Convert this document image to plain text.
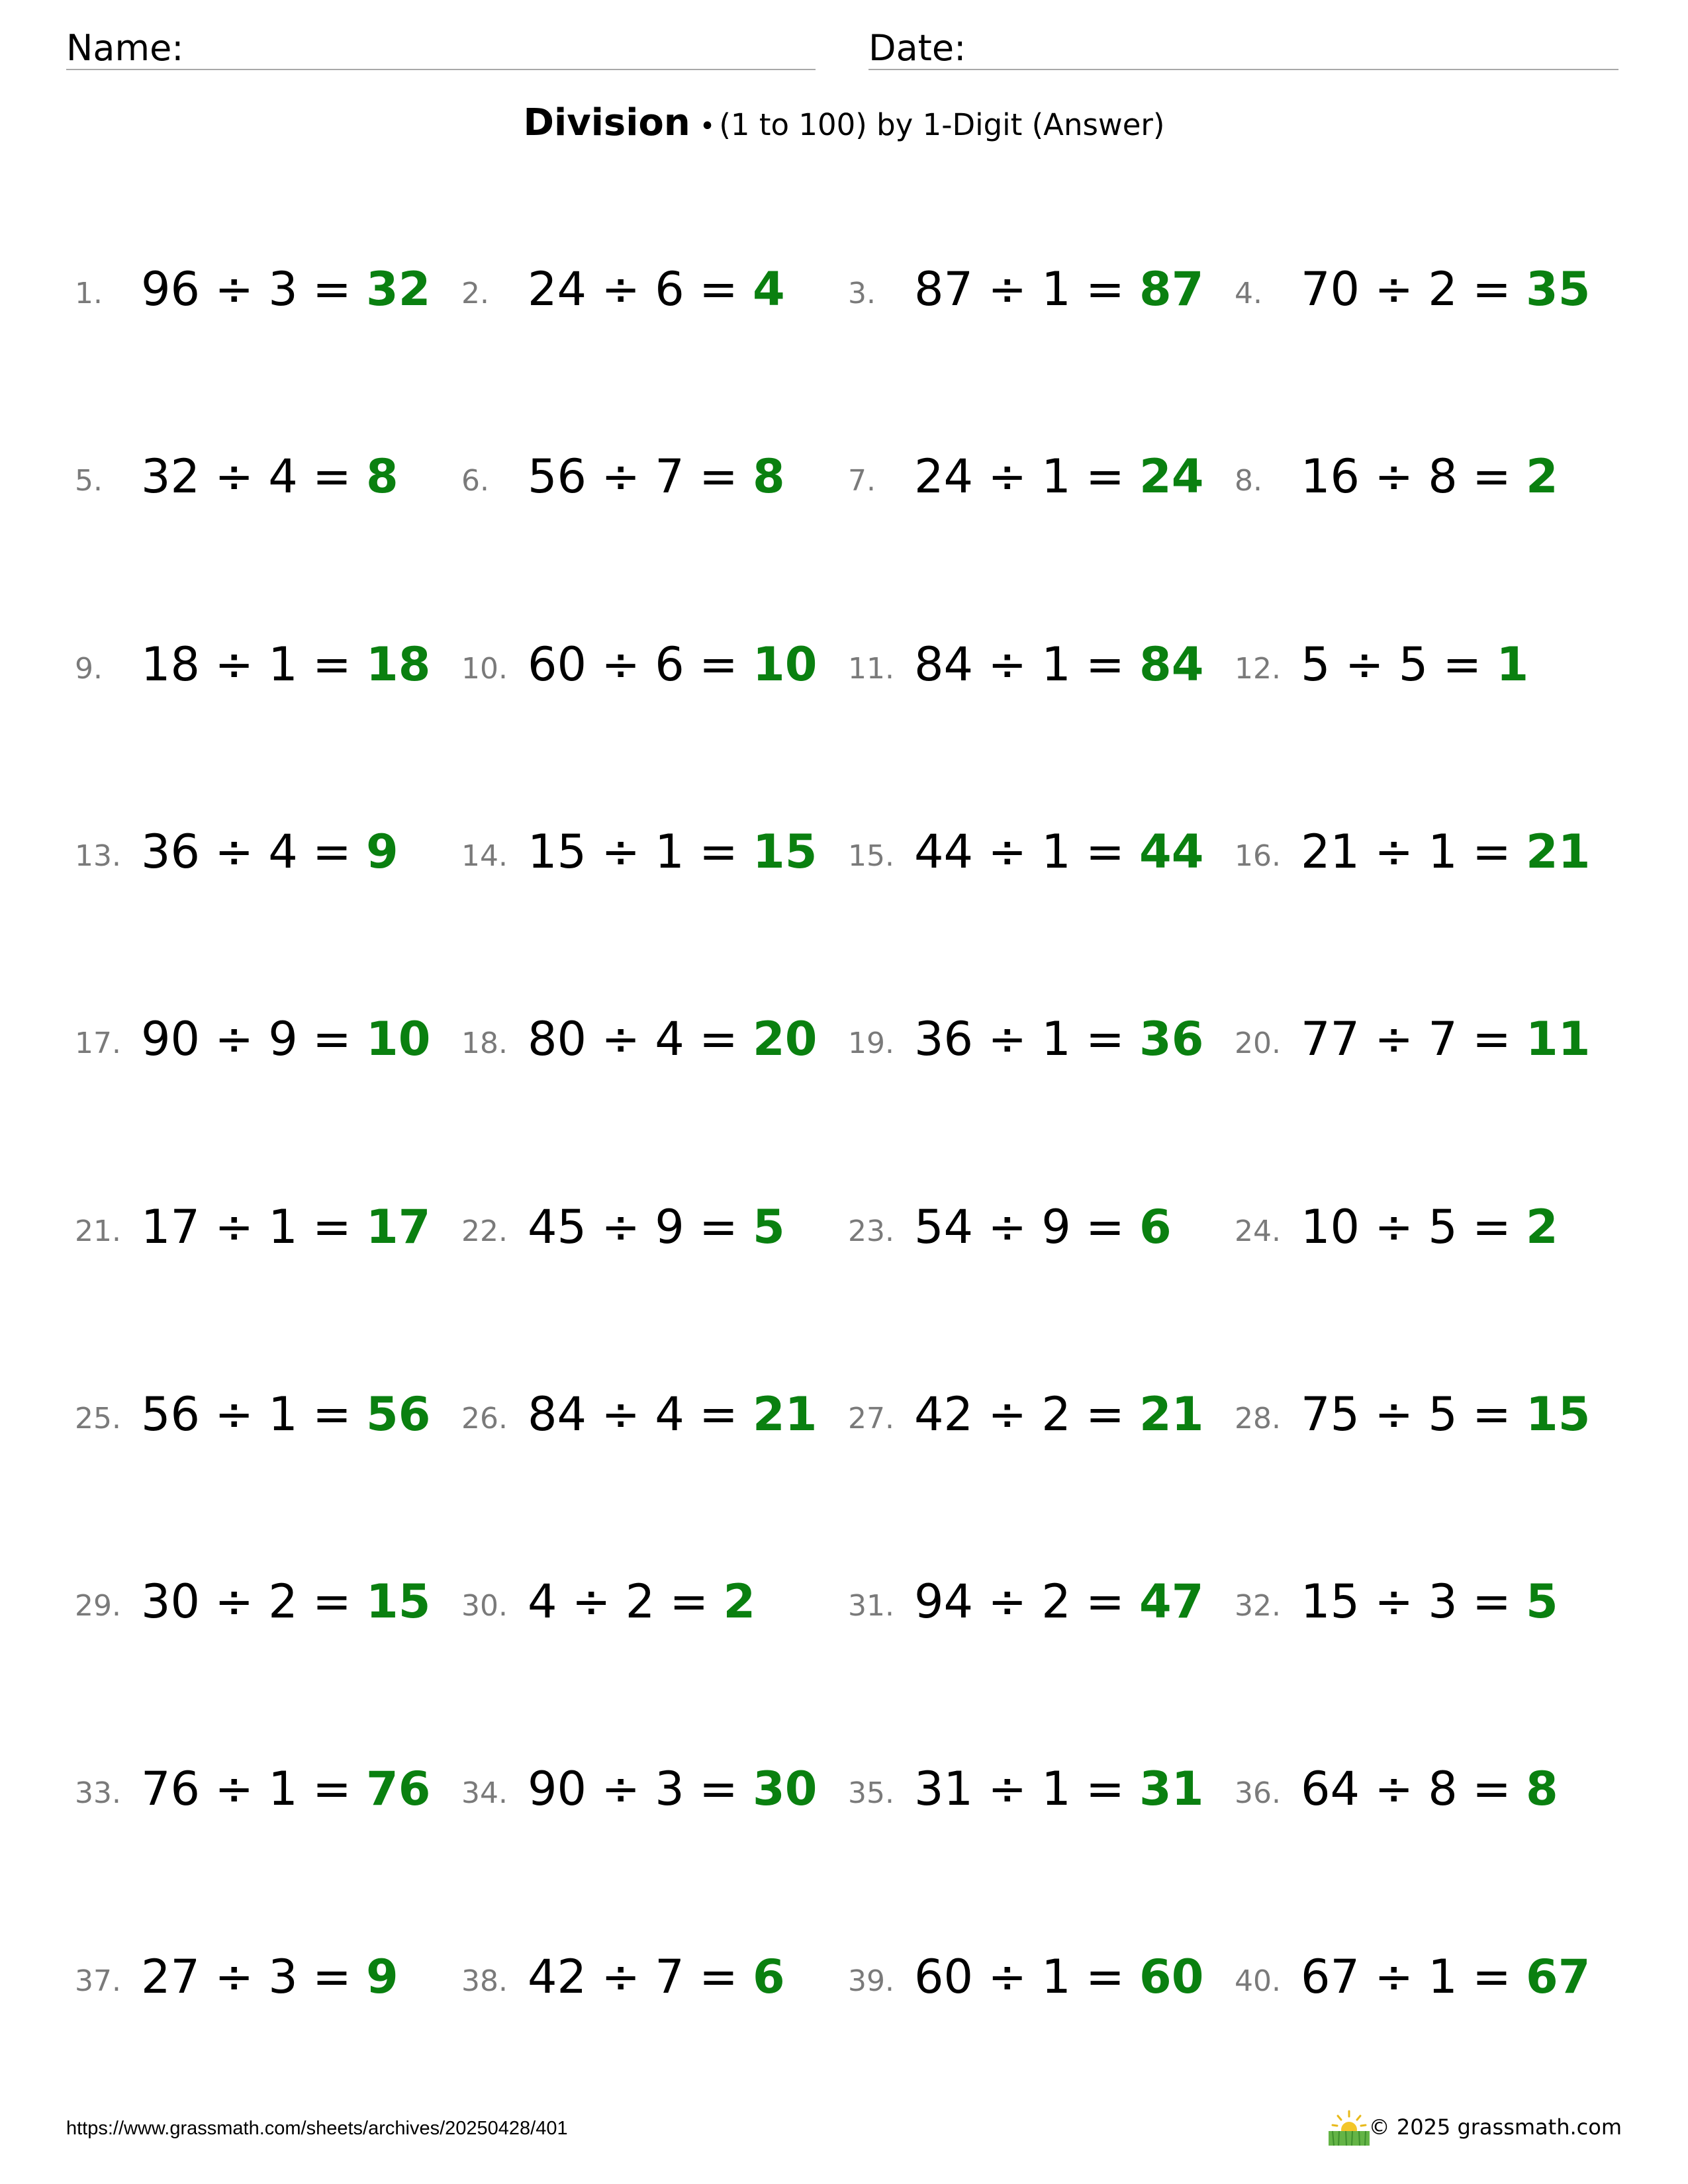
Name:	Date:
Division • (1 to 100) by 1-Digit (Answer)
1. 96 ÷ 3 = 32 2. 24 ÷ 6 = 4 3. 87 ÷ 1 = 87 4. 70 ÷ 2 = 35
5. 32 ÷ 4 = 8 6. 56 ÷ 7 = 8 7. 24 ÷ 1 = 24 8. 16 ÷ 8 = 2
9. 18 ÷ 1 = 18 10. 60 ÷ 6 = 10 11. 84 ÷ 1 = 84 12. 5 ÷ 5 = 1
13. 36 ÷ 4 = 9 14. 15 ÷ 1 = 15 15. 44 ÷ 1 = 44 16. 21 ÷ 1 = 21
17. 90 ÷ 9 = 10 18. 80 ÷ 4 = 20 19. 36 ÷ 1 = 36 20. 77 ÷ 7 = 11
21. 17 ÷ 1 = 17 22. 45 ÷ 9 = 5 23. 54 ÷ 9 = 6 24. 10 ÷ 5 = 2
25. 56 ÷ 1 = 56 26. 84 ÷ 4 = 21 27. 42 ÷ 2 = 21 28. 75 ÷ 5 = 15
29. 30 ÷ 2 = 15 30. 4 ÷ 2 = 2	31. 94 ÷ 2 = 47 32. 15 ÷ 3 = 5
33. 76 ÷ 1 = 76 34. 90 ÷ 3 = 30 35. 31 ÷ 1 = 31 36. 64 ÷ 8 = 8
37. 27 ÷ 3 = 9 38. 42 ÷ 7 = 6 39. 60 ÷ 1 = 60 40. 67 ÷ 1 = 67
https://www.grassmath.com/sheets/archives/20250428/401	© 2025 grassmath.com
